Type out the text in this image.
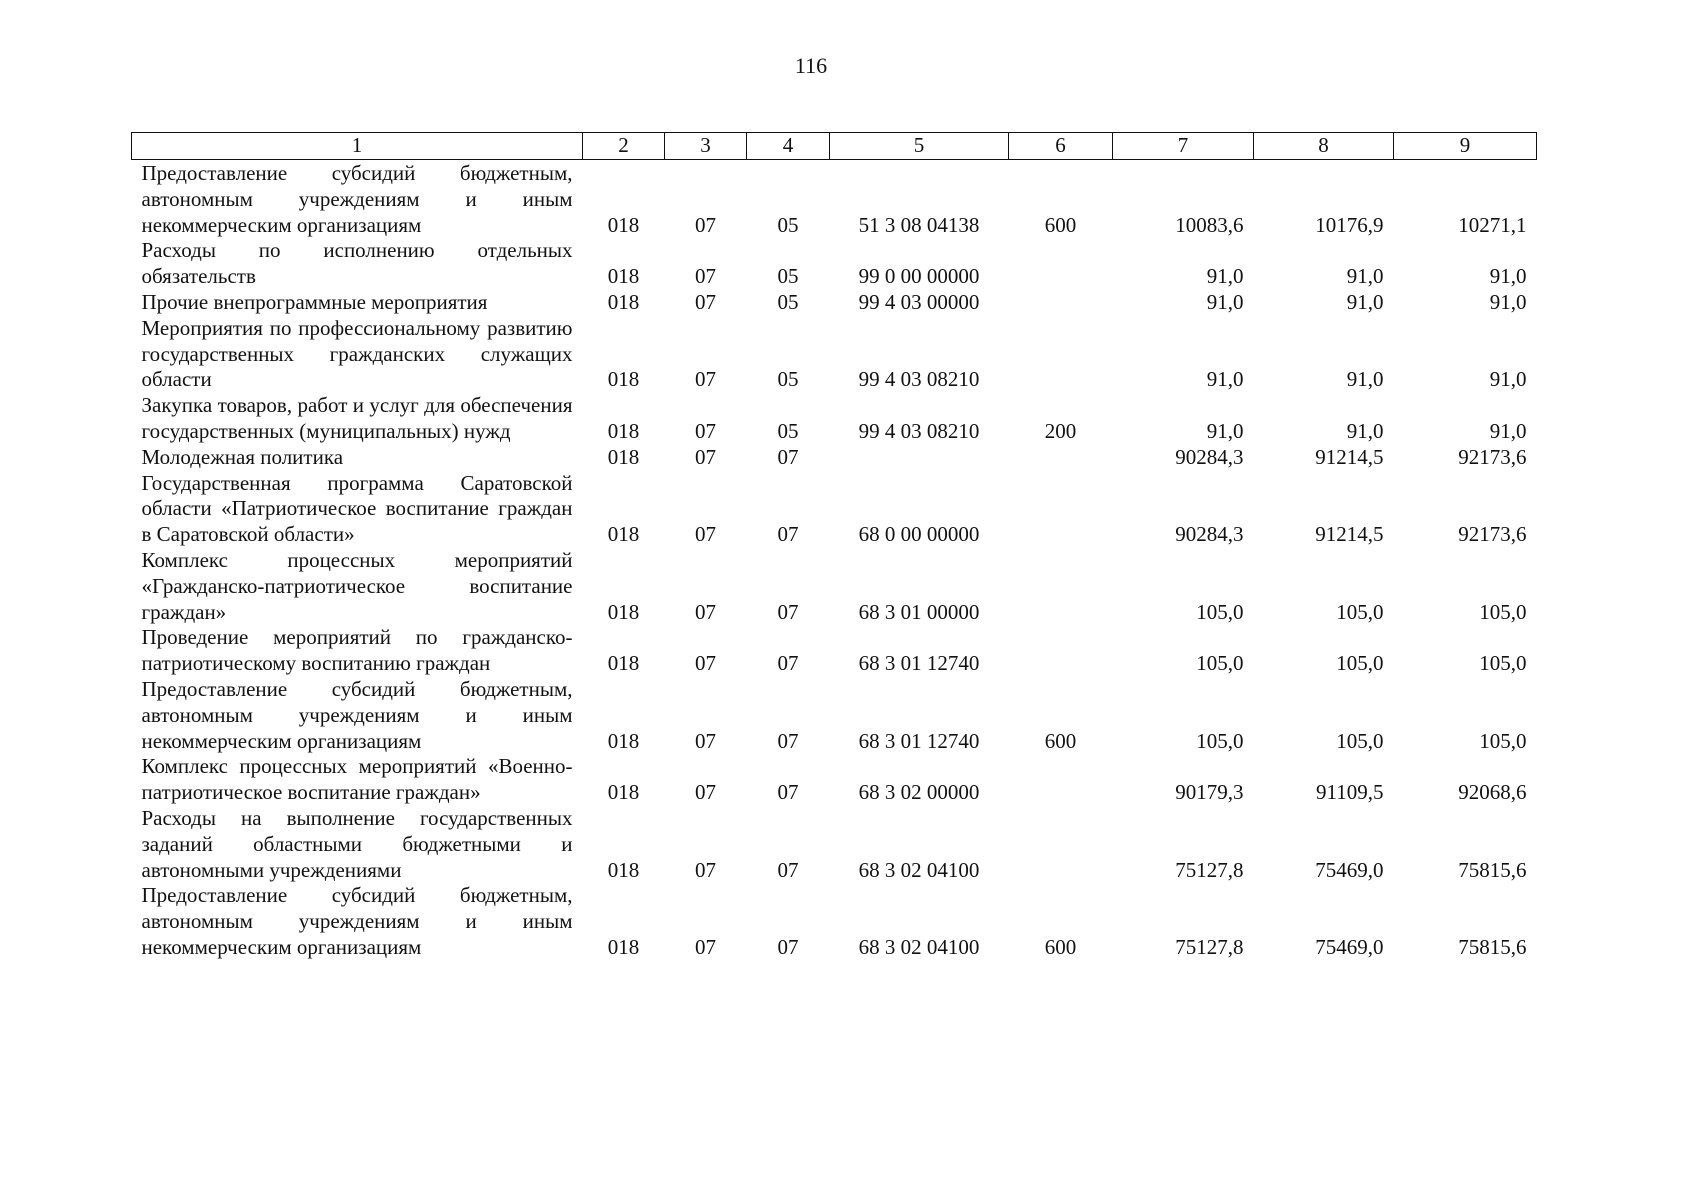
116
1	2	3	4	5	6	7	8	9
Предоставление субсидий бюджетным, автономным учреждениям и иным некоммерческим организациям	018	07	05	51 3 08 04138	600	10083,6	10176,9	10271,1
Расходы по исполнению отдельных обязательств	018	07	05	99 0 00 00000		91,0	91,0	91,0
Прочие внепрограммные мероприятия	018	07	05	99 4 03 00000		91,0	91,0	91,0
Мероприятия по профессиональному развитию государственных гражданских служащих области	018	07	05	99 4 03 08210		91,0	91,0	91,0
Закупка товаров, работ и услуг для обеспечения государственных (муниципальных) нужд	018	07	05	99 4 03 08210	200	91,0	91,0	91,0
Молодежная политика	018	07	07			90284,3	91214,5	92173,6
Государственная программа Саратовской области «Патриотическое воспитание граждан в Саратовской области»	018	07	07	68 0 00 00000		90284,3	91214,5	92173,6
Комплекс процессных мероприятий «Гражданско-патриотическое воспитание граждан»	018	07	07	68 3 01 00000		105,0	105,0	105,0
Проведение мероприятий по гражданско-патриотическому воспитанию граждан	018	07	07	68 3 01 12740		105,0	105,0	105,0
Предоставление субсидий бюджетным, автономным учреждениям и иным некоммерческим организациям	018	07	07	68 3 01 12740	600	105,0	105,0	105,0
Комплекс процессных мероприятий «Военно-патриотическое воспитание граждан»	018	07	07	68 3 02 00000		90179,3	91109,5	92068,6
Расходы на выполнение государственных заданий областными бюджетными и автономными учреждениями	018	07	07	68 3 02 04100		75127,8	75469,0	75815,6
Предоставление субсидий бюджетным, автономным учреждениям и иным некоммерческим организациям	018	07	07	68 3 02 04100	600	75127,8	75469,0	75815,6
